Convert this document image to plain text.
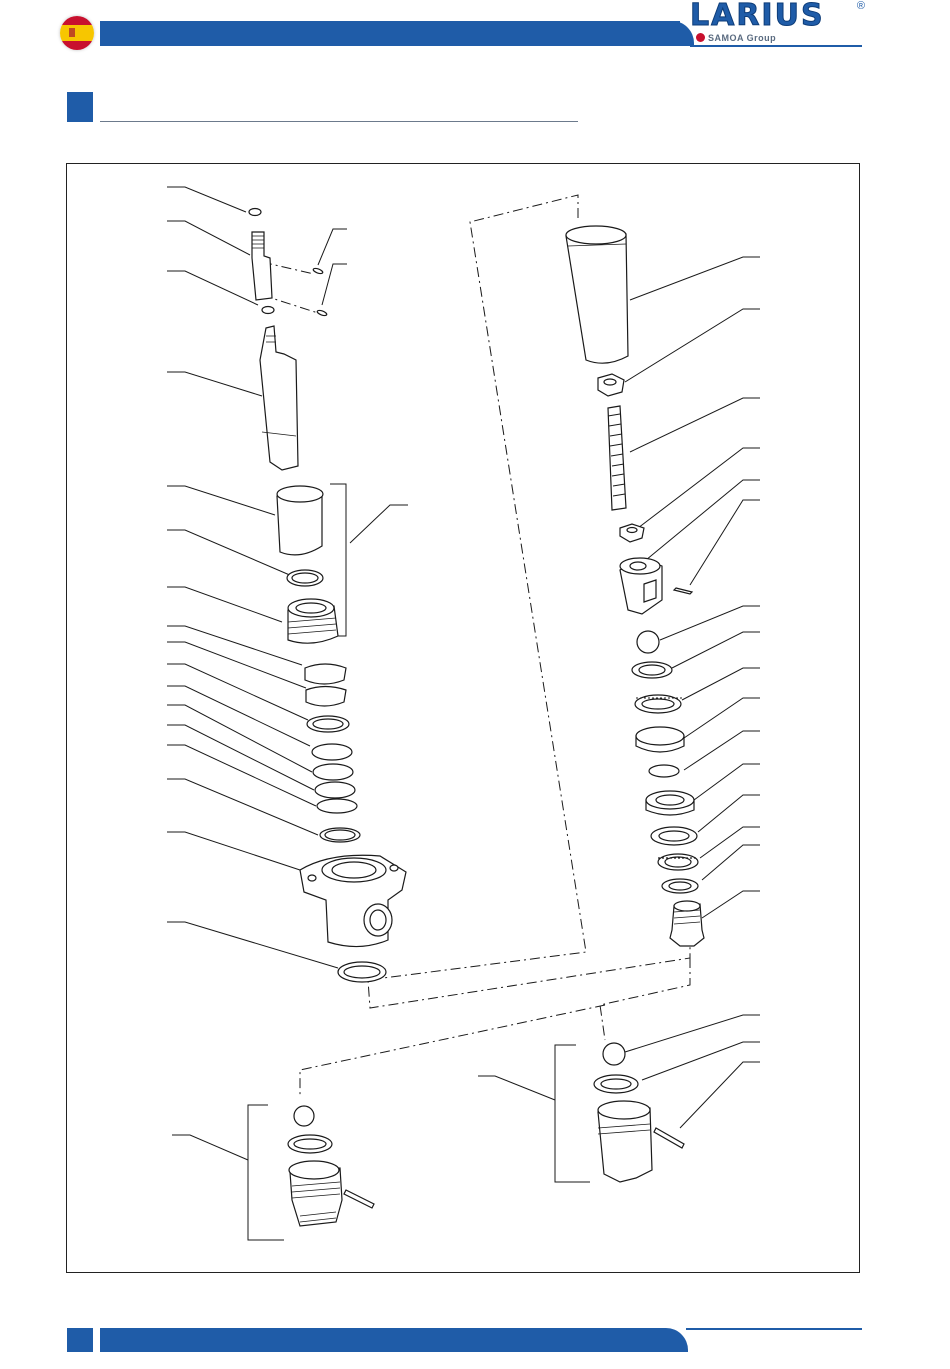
LARIUS	®
SAMOA Group
